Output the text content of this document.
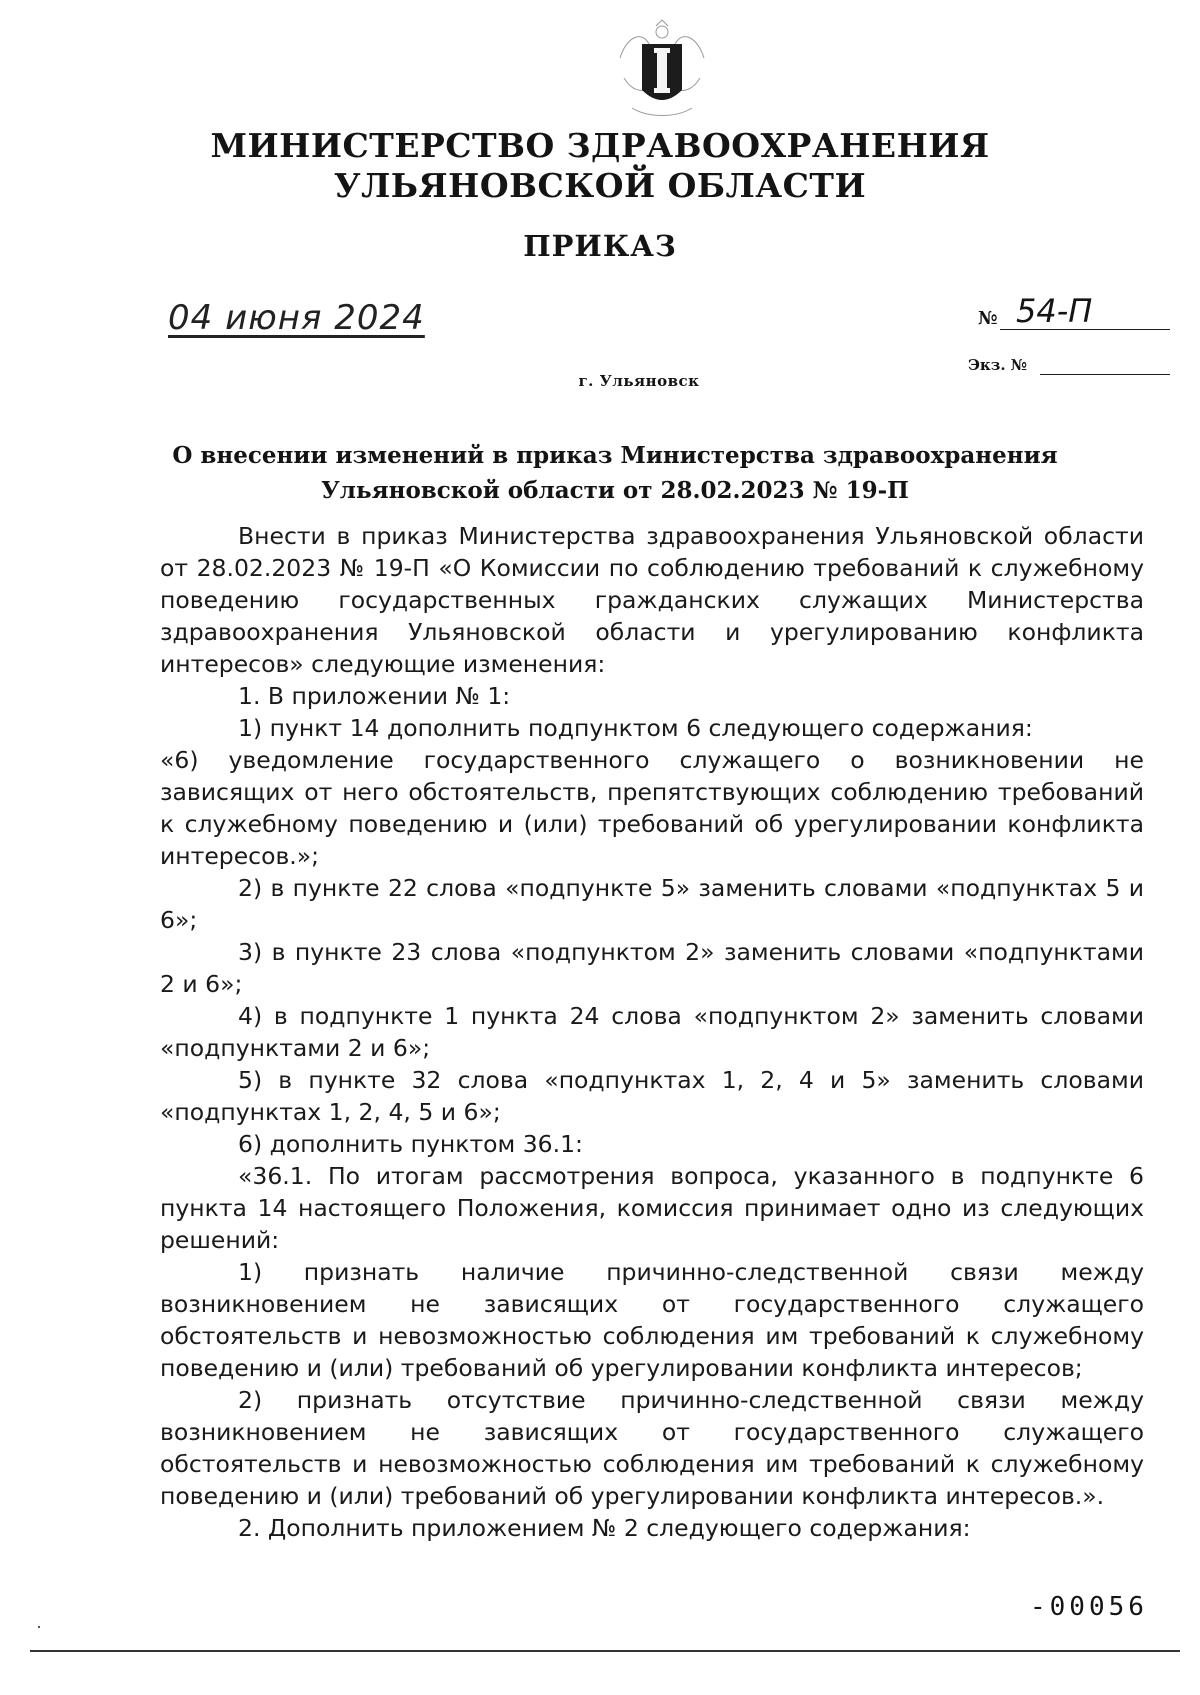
МИНИСТЕРСТВО ЗДРАВООХРАНЕНИЯ
УЛЬЯНОВСКОЙ ОБЛАСТИ
ПРИКАЗ
04 июня 2024	№ 54-П
Экз. №
г. Ульяновск
О внесении изменений в приказ Министерства здравоохранения
Ульяновской области от 28.02.2023 № 19-П

Внести в приказ Министерства здравоохранения Ульяновской области от 28.02.2023 № 19-П «О Комиссии по соблюдению требований к служебному поведению государственных гражданских служащих Министерства здравоохранения Ульяновской области и урегулированию конфликта интересов» следующие изменения:

1. В приложении № 1:

1) пункт 14 дополнить подпунктом 6 следующего содержания:

«6) уведомление государственного служащего о возникновении не зависящих от него обстоятельств, препятствующих соблюдению требований к служебному поведению и (или) требований об урегулировании конфликта интересов.»;

2) в пункте 22 слова «подпункте 5» заменить словами «подпунктах 5 и 6»;

3) в пункте 23 слова «подпунктом 2» заменить словами «подпунктами 2 и 6»;

4) в подпункте 1 пункта 24 слова «подпунктом 2» заменить словами «подпунктами 2 и 6»;

5) в пункте 32 слова «подпунктах 1, 2, 4 и 5» заменить словами «подпунктах 1, 2, 4, 5 и 6»;

6) дополнить пунктом 36.1:

«36.1. По итогам рассмотрения вопроса, указанного в подпункте 6 пункта 14 настоящего Положения, комиссия принимает одно из следующих решений:

1) признать наличие причинно-следственной связи между возникновением не зависящих от государственного служащего обстоятельств и невозможностью соблюдения им требований к служебному поведению и (или) требований об урегулировании конфликта интересов;

2) признать отсутствие причинно-следственной связи между возникновением не зависящих от государственного служащего обстоятельств и невозможностью соблюдения им требований к служебному поведению и (или) требований об урегулировании конфликта интересов.».

2. Дополнить приложением № 2 следующего содержания:

-00056
